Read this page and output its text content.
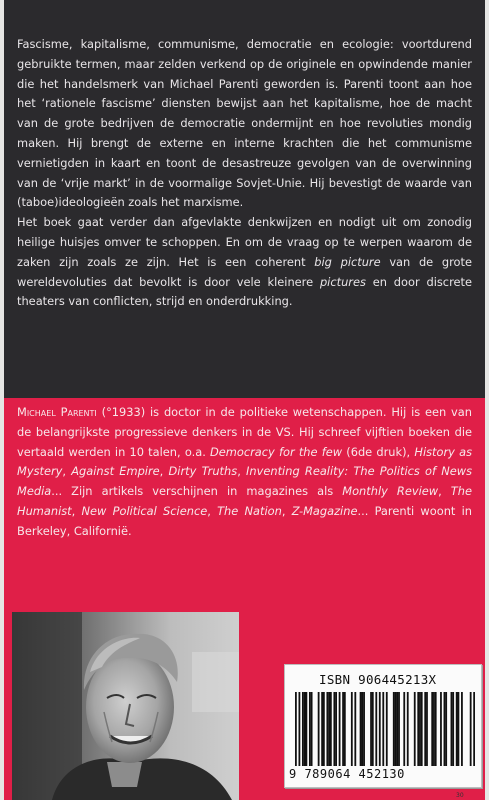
Fascisme, kapitalisme, communisme, democratie en ecologie: voortdurend gebruikte termen, maar zelden verkend op de originele en opwindende manier die het handelsmerk van Michael Parenti geworden is. Parenti toont aan hoe het ‘rationele fascisme’ diensten bewijst aan het kapitalisme, hoe de macht van de grote bedrijven de democratie ondermijnt en hoe revoluties mondig maken. Hij brengt de externe en interne krachten die het communisme vernietigden in kaart en toont de desastreuze gevolgen van de overwinning van de ‘vrije markt’ in de voormalige Sovjet-Unie. Hij bevestigt de waarde van (taboe)ideologieën zoals het marxisme.

Het boek gaat verder dan afgevlakte denkwijzen en nodigt uit om zonodig heilige huisjes omver te schoppen. En om de vraag op te werpen waarom de zaken zijn zoals ze zijn. Het is een coherent big picture van de grote wereldevoluties dat bevolkt is door vele kleinere pictures en door discrete theaters van conflicten, strijd en onderdrukking.

Michael Parenti (°1933) is doctor in de politieke wetenschappen. Hij is een van de belangrijkste progressieve denkers in de VS. Hij schreef vijftien boeken die vertaald werden in 10 talen, o.a. Democracy for the few (6de druk), History as Mystery, Against Empire, Dirty Truths, Inventing Reality: The Politics of News Media... Zijn artikels verschijnen in magazines als Monthly Review, The Humanist, New Political Science, The Nation, Z-Magazine... Parenti woont in Berkeley, Californië.

ISBN 906445213X
9 789064 452130
30
